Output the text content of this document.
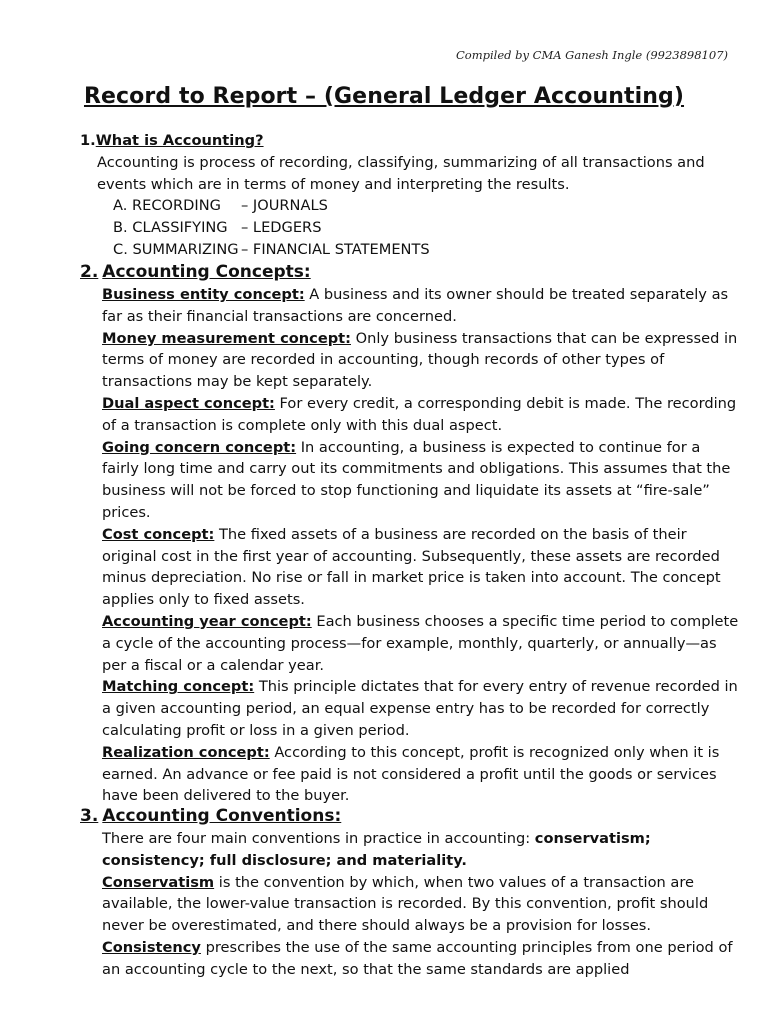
Compiled by CMA Ganesh Ingle (9923898107)
Record to Report – (General Ledger Accounting)
1.What is Accounting?
Accounting is process of recording, classifying, summarizing of all transactions and events which are in terms of money and interpreting the results.
A. RECORDING	– JOURNALS
B. CLASSIFYING – LEDGERS
C. SUMMARIZING – FINANCIAL STATEMENTS
2. Accounting Concepts:
Business entity concept: A business and its owner should be treated separately as far as their financial transactions are concerned.
Money measurement concept: Only business transactions that can be expressed in terms of money are recorded in accounting, though records of other types of transactions may be kept separately.
Dual aspect concept: For every credit, a corresponding debit is made. The recording of a transaction is complete only with this dual aspect.
Going concern concept: In accounting, a business is expected to continue for a fairly long time and carry out its commitments and obligations. This assumes that the business will not be forced to stop functioning and liquidate its assets at “fire-sale” prices.
Cost concept: The fixed assets of a business are recorded on the basis of their original cost in the first year of accounting. Subsequently, these assets are recorded minus depreciation. No rise or fall in market price is taken into account. The concept applies only to fixed assets.
Accounting year concept: Each business chooses a specific time period to complete a cycle of the accounting process—for example, monthly, quarterly, or annually—as per a fiscal or a calendar year.
Matching concept: This principle dictates that for every entry of revenue recorded in a given accounting period, an equal expense entry has to be recorded for correctly calculating profit or loss in a given period.
Realization concept: According to this concept, profit is recognized only when it is earned. An advance or fee paid is not considered a profit until the goods or services have been delivered to the buyer.
3. Accounting Conventions:
There are four main conventions in practice in accounting: conservatism; consistency; full disclosure; and materiality.
Conservatism is the convention by which, when two values of a transaction are available, the lower-value transaction is recorded. By this convention, profit should never be overestimated, and there should always be a provision for losses.
Consistency prescribes the use of the same accounting principles from one period of an accounting cycle to the next, so that the same standards are applied
